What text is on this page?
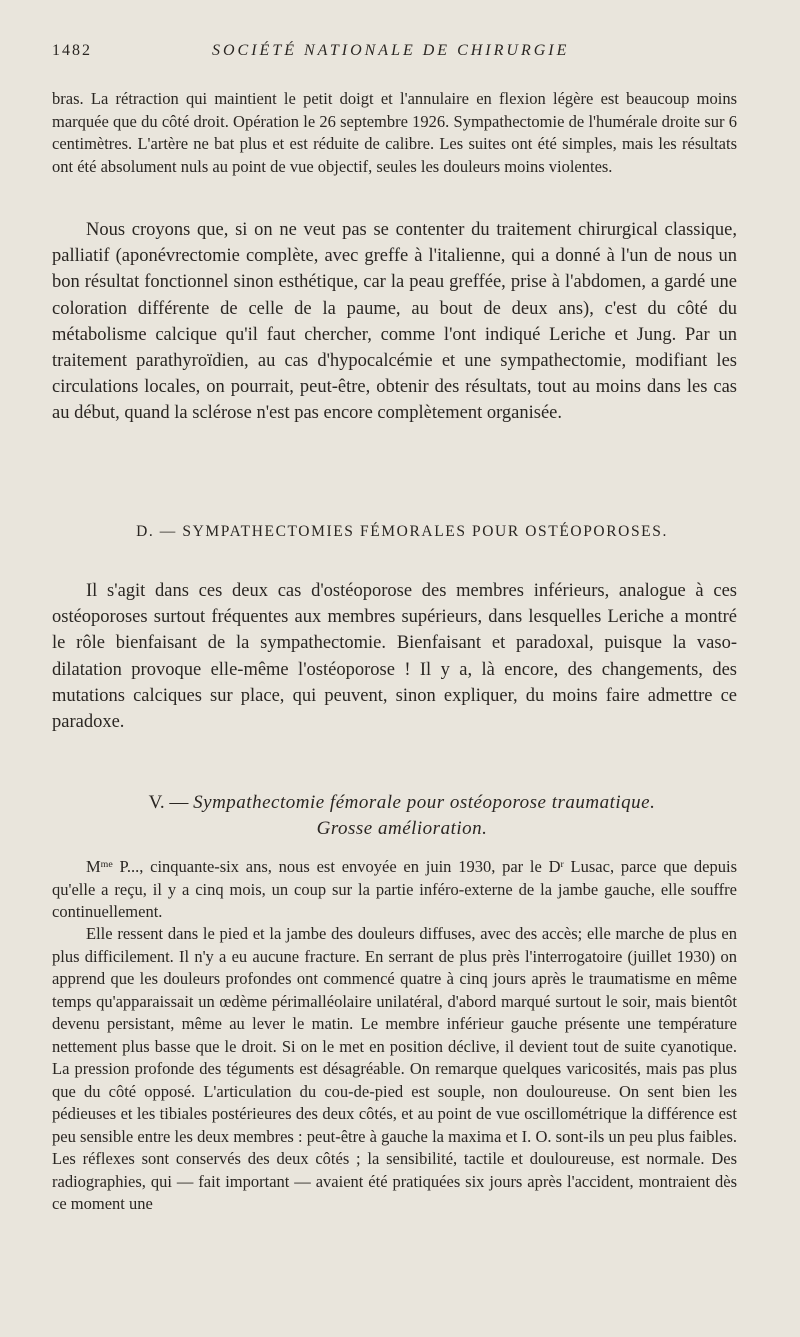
1482	SOCIÉTÉ NATIONALE DE CHIRURGIE

bras. La rétraction qui maintient le petit doigt et l'annulaire en flexion légère est beaucoup moins marquée que du côté droit. Opération le 26 septembre 1926. Sympathectomie de l'humérale droite sur 6 centimètres. L'artère ne bat plus et est réduite de calibre. Les suites ont été simples, mais les résultats ont été absolument nuls au point de vue objectif, seules les douleurs moins violentes.

Nous croyons que, si on ne veut pas se contenter du traitement chirurgical classique, palliatif (aponévrectomie complète, avec greffe à l'italienne, qui a donné à l'un de nous un bon résultat fonctionnel sinon esthétique, car la peau greffée, prise à l'abdomen, a gardé une coloration différente de celle de la paume, au bout de deux ans), c'est du côté du métabolisme calcique qu'il faut chercher, comme l'ont indiqué Leriche et Jung. Par un traitement parathyroïdien, au cas d'hypocalcémie et une sympathectomie, modifiant les circulations locales, on pourrait, peut-être, obtenir des résultats, tout au moins dans les cas au début, quand la sclérose n'est pas encore complètement organisée.

D. — SYMPATHECTOMIES FÉMORALES POUR OSTÉOPOROSES.

Il s'agit dans ces deux cas d'ostéoporose des membres inférieurs, analogue à ces ostéoporoses surtout fréquentes aux membres supérieurs, dans lesquelles Leriche a montré le rôle bienfaisant de la sympathectomie. Bienfaisant et paradoxal, puisque la vaso-dilatation provoque elle-même l'ostéoporose ! Il y a, là encore, des changements, des mutations calciques sur place, qui peuvent, sinon expliquer, du moins faire admettre ce paradoxe.

V. — Sympathectomie fémorale pour ostéoporose traumatique.
Grosse amélioration.

$M^{me}$ P..., cinquante-six ans, nous est envoyée en juin 1930, par le $D^r$ Lusac, parce que depuis qu'elle a reçu, il y a cinq mois, un coup sur la partie inféro-externe de la jambe gauche, elle souffre continuellement.

Elle ressent dans le pied et la jambe des douleurs diffuses, avec des accès; elle marche de plus en plus difficilement. Il n'y a eu aucune fracture. En serrant de plus près l'interrogatoire (juillet 1930) on apprend que les douleurs profondes ont commencé quatre à cinq jours après le traumatisme en même temps qu'apparaissait un œdème périmalléolaire unilatéral, d'abord marqué surtout le soir, mais bientôt devenu persistant, même au lever le matin. Le membre inférieur gauche présente une température nettement plus basse que le droit. Si on le met en position déclive, il devient tout de suite cyanotique. La pression profonde des téguments est désagréable. On remarque quelques varicosités, mais pas plus que du côté opposé. L'articulation du cou-de-pied est souple, non douloureuse. On sent bien les pédieuses et les tibiales postérieures des deux côtés, et au point de vue oscillométrique la différence est peu sensible entre les deux membres : peut-être à gauche la maxima et I. O. sont-ils un peu plus faibles. Les réflexes sont conservés des deux côtés ; la sensibilité, tactile et douloureuse, est normale. Des radiographies, qui — fait important — avaient été pratiquées six jours après l'accident, montraient dès ce moment une
